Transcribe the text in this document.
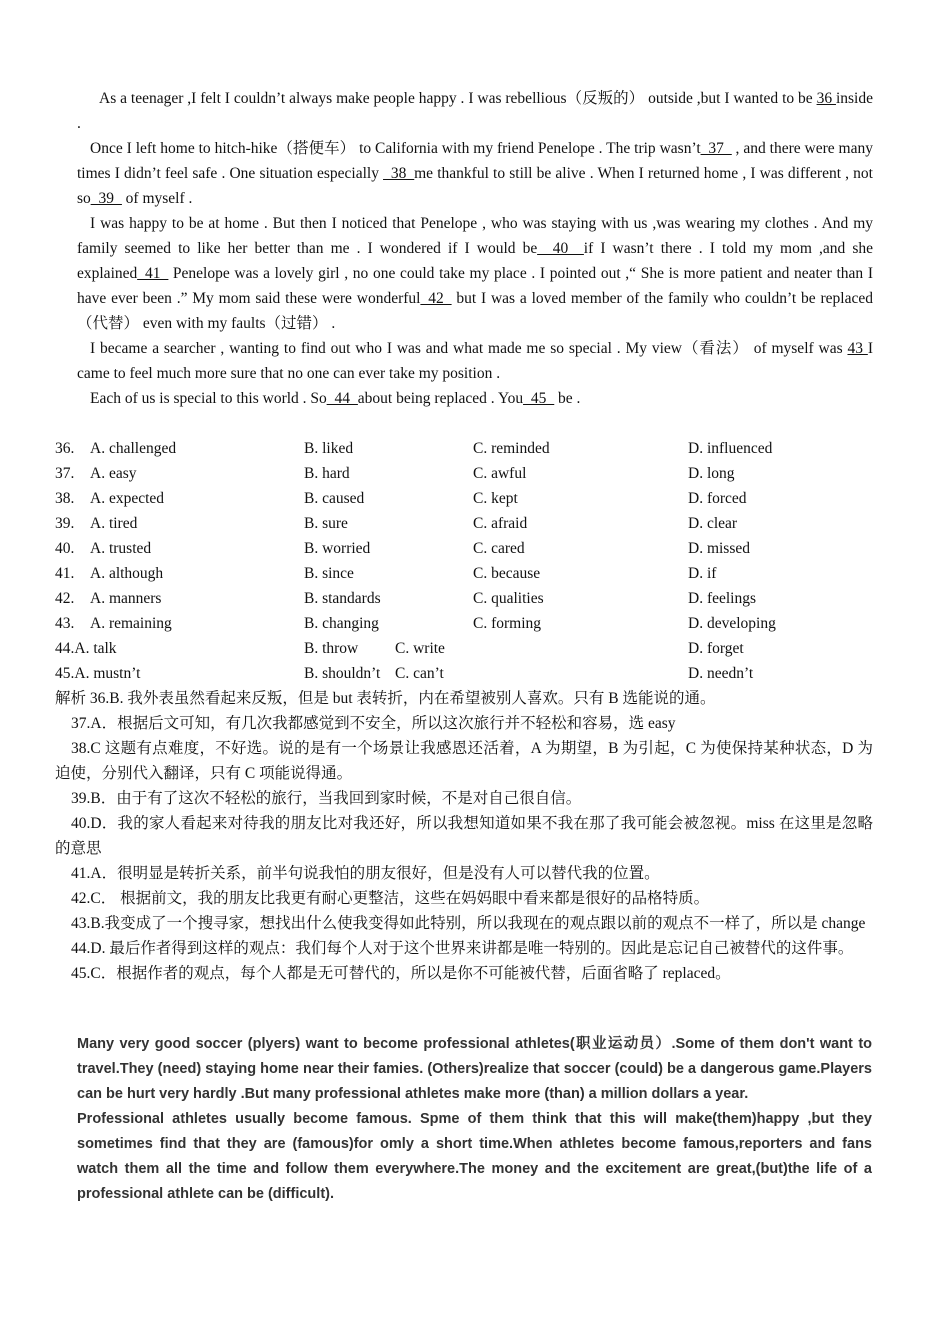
As a teenager ,I felt I couldn’t always make people happy . I was rebellious（反叛的） outside ,but I wanted to be 36 inside .

Once I left home to hitch-hike（搭便车） to California with my friend Penelope . The trip wasn’t_37_ , and there were many times I didn’t feel safe . One situation especially _38_me thankful to still be alive . When I returned home , I was different , not so_39_ of myself .

I was happy to be at home . But then I noticed that Penelope , who was staying with us ,was wearing my clothes . And my family seemed to like her better than me . I wondered if I would be__40__if I wasn’t there . I told my mom ,and she explained_41_ Penelope was a lovely girl , no one could take my place . I pointed out ,“ She is more patient and neater than I have ever been .” My mom said these were wonderful_42_ but I was a loved member of the family who couldn’t be replaced（代替） even with my faults（过错） .

I became a searcher , wanting to find out who I was and what made me so special . My view（看法） of myself was 43 I came to feel much more sure that no one can ever take my position .

Each of us is special to this world . So_44_about being replaced . You_45_ be .

36. A. challenged	B. liked	C. reminded	D. influenced
37. A. easy	B. hard	C. awful	D. long
38. A. expected	B. caused	C. kept	D. forced
39. A. tired	B. sure	C. afraid	D. clear
40. A. trusted	B. worried	C. cared	D. missed
41. A. although	B. since	C. because	D. if
42. A. manners	B. standards	C. qualities	D. feelings
43. A. remaining	B. changing	C. forming	D. developing
44.A. talk	B. throw C. write	D. forget
45.A. mustn’t	B. shouldn’t C. can’t	D. needn’t

解析 36.B. 我外表虽然看起来反叛，但是 but 表转折，内在希望被别人喜欢。只有 B 选能说的通。

37.A．根据后文可知，有几次我都感觉到不安全，所以这次旅行并不轻松和容易，选 easy

38.C 这题有点难度，不好选。说的是有一个场景让我感恩还活着，A 为期望，B 为引起，C 为使保持某种状态，D 为迫使，分别代入翻译，只有 C 项能说得通。

39.B．由于有了这次不轻松的旅行，当我回到家时候，不是对自己很自信。

40.D．我的家人看起来对待我的朋友比对我还好，所以我想知道如果不我在那了我可能会被忽视。miss 在这里是忽略的意思

41.A．很明显是转折关系，前半句说我怕的朋友很好，但是没有人可以替代我的位置。

42.C． 根据前文，我的朋友比我更有耐心更整洁，这些在妈妈眼中看来都是很好的品格特质。

43.B.我变成了一个搜寻家，想找出什么使我变得如此特别，所以我现在的观点跟以前的观点不一样了，所以是 change

44.D. 最后作者得到这样的观点：我们每个人对于这个世界来讲都是唯一特别的。因此是忘记自己被替代的这件事。

45.C．根据作者的观点，每个人都是无可替代的，所以是你不可能被代替，后面省略了 replaced。

Many very good soccer (plyers) want to become professional athletes(职业运动员）.Some of them don't want to travel.They (need) staying home near their famies. (Others)realize that soccer (could) be a dangerous game.Players can be hurt very hardly .But many professional athletes make more (than) a million dollars a year.

Professional athletes usually become famous. Spme of them think that this will make(them)happy ,but they sometimes find that they are (famous)for omly a short time.When athletes become famous,reporters and fans watch them all the time and follow them everywhere.The money and the excitement are great,(but)the life of a professional athlete can be (difficult).
